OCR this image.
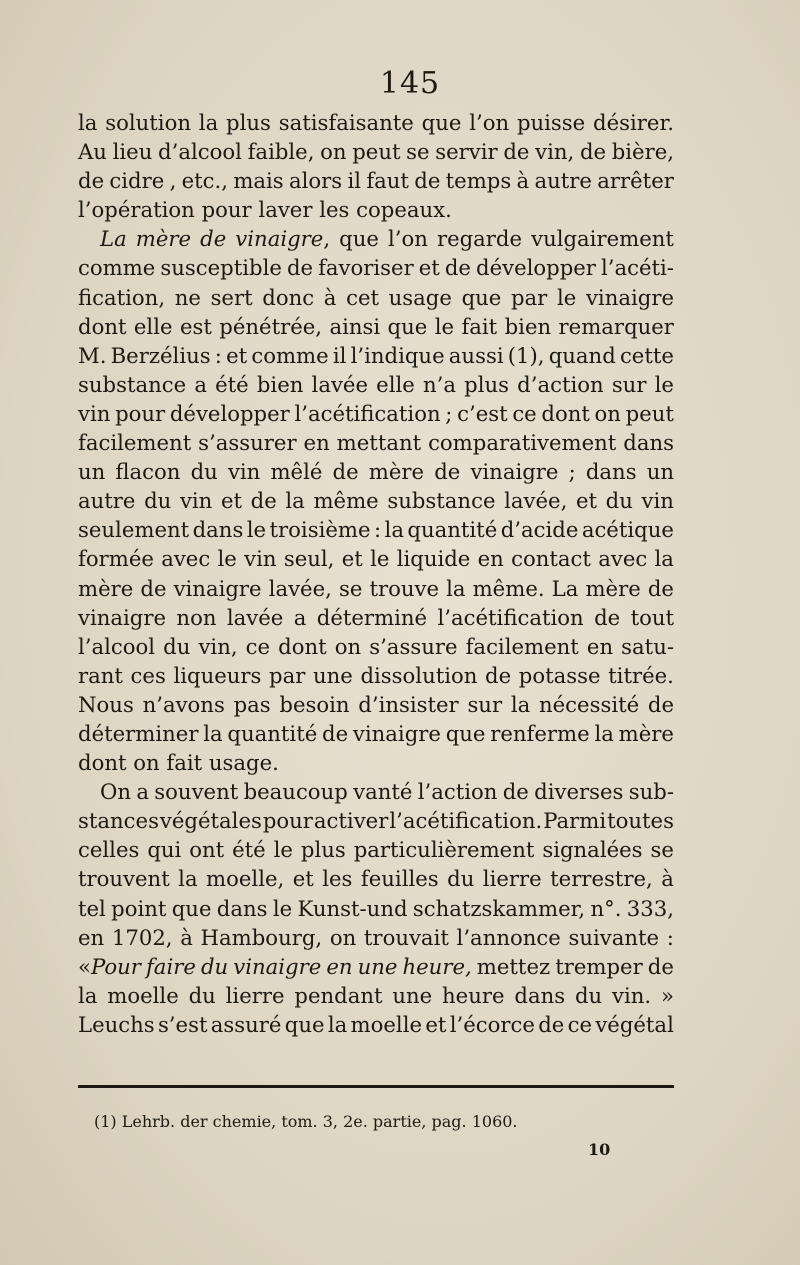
145
la solution la plus satisfaisante que l’on puisse désirer.
Au lieu d’alcool faible, on peut se servir de vin, de bière,
de cidre , etc., mais alors il faut de temps à autre arrêter
l’opération pour laver les copeaux.
La mère de vinaigre, que l’on regarde vulgairement
comme susceptible de favoriser et de développer l’acéti-
fication, ne sert donc à cet usage que par le vinaigre
dont elle est pénétrée, ainsi que le fait bien remarquer
M. Berzélius : et comme il l’indique aussi (1), quand cette
substance a été bien lavée elle n’a plus d’action sur le
vin pour développer l’acétification ; c’est ce dont on peut
facilement s’assurer en mettant comparativement dans
un flacon du vin mêlé de mère de vinaigre ; dans un
autre du vin et de la même substance lavée, et du vin
seulement dans le troisième : la quantité d’acide acétique
formée avec le vin seul, et le liquide en contact avec la
mère de vinaigre lavée, se trouve la même. La mère de
vinaigre non lavée a déterminé l’acétification de tout
l’alcool du vin, ce dont on s’assure facilement en satu-
rant ces liqueurs par une dissolution de potasse titrée.
Nous n’avons pas besoin d’insister sur la nécessité de
déterminer la quantité de vinaigre que renferme la mère
dont on fait usage.
On a souvent beaucoup vanté l’action de diverses sub-
stances végétales pour activer l’acétification. Parmi toutes
celles qui ont été le plus particulièrement signalées se
trouvent la moelle, et les feuilles du lierre terrestre, à
tel point que dans le Kunst-und schatzskammer, n°. 333,
en 1702, à Hambourg, on trouvait l’annonce suivante :
«Pour faire du vinaigre en une heure, mettez tremper de
la moelle du lierre pendant une heure dans du vin. »
Leuchs s’est assuré que la moelle et l’écorce de ce végétal
(1) Lehrb. der chemie, tom. 3, 2e. partie, pag. 1060.
10
